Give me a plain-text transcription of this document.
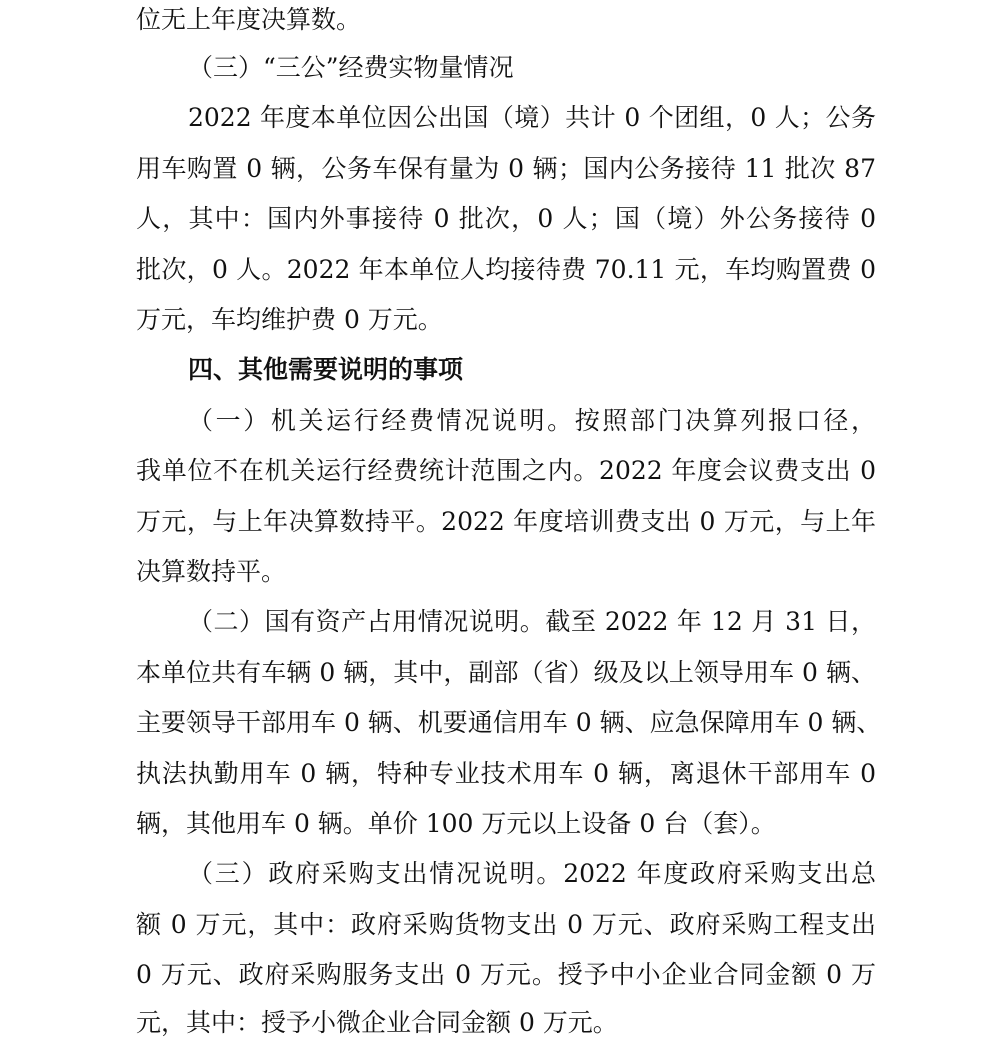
位无上年度决算数。
（三）“三公”经费实物量情况
2022 年度本单位因公出国（境）共计 0 个团组，0 人；公务
用车购置 0 辆，公务车保有量为 0 辆；国内公务接待 11 批次 87
人，其中：国内外事接待 0 批次，0 人；国（境）外公务接待 0
批次，0 人。2022 年本单位人均接待费 70.11 元，车均购置费 0
万元，车均维护费 0 万元。
四、其他需要说明的事项
（一）机关运行经费情况说明。按照部门决算列报口径，
我单位不在机关运行经费统计范围之内。2022 年度会议费支出 0
万元，与上年决算数持平。2022 年度培训费支出 0 万元，与上年
决算数持平。
（二）国有资产占用情况说明。截至 2022 年 12 月 31 日，
本单位共有车辆 0 辆，其中，副部（省）级及以上领导用车 0 辆、
主要领导干部用车 0 辆、机要通信用车 0 辆、应急保障用车 0 辆、
执法执勤用车 0 辆，特种专业技术用车 0 辆，离退休干部用车 0
辆，其他用车 0 辆。单价 100 万元以上设备 0 台（套）。
（三）政府采购支出情况说明。2022 年度政府采购支出总
额 0 万元，其中：政府采购货物支出 0 万元、政府采购工程支出
0 万元、政府采购服务支出 0 万元。授予中小企业合同金额 0 万
元，其中：授予小微企业合同金额 0 万元。
